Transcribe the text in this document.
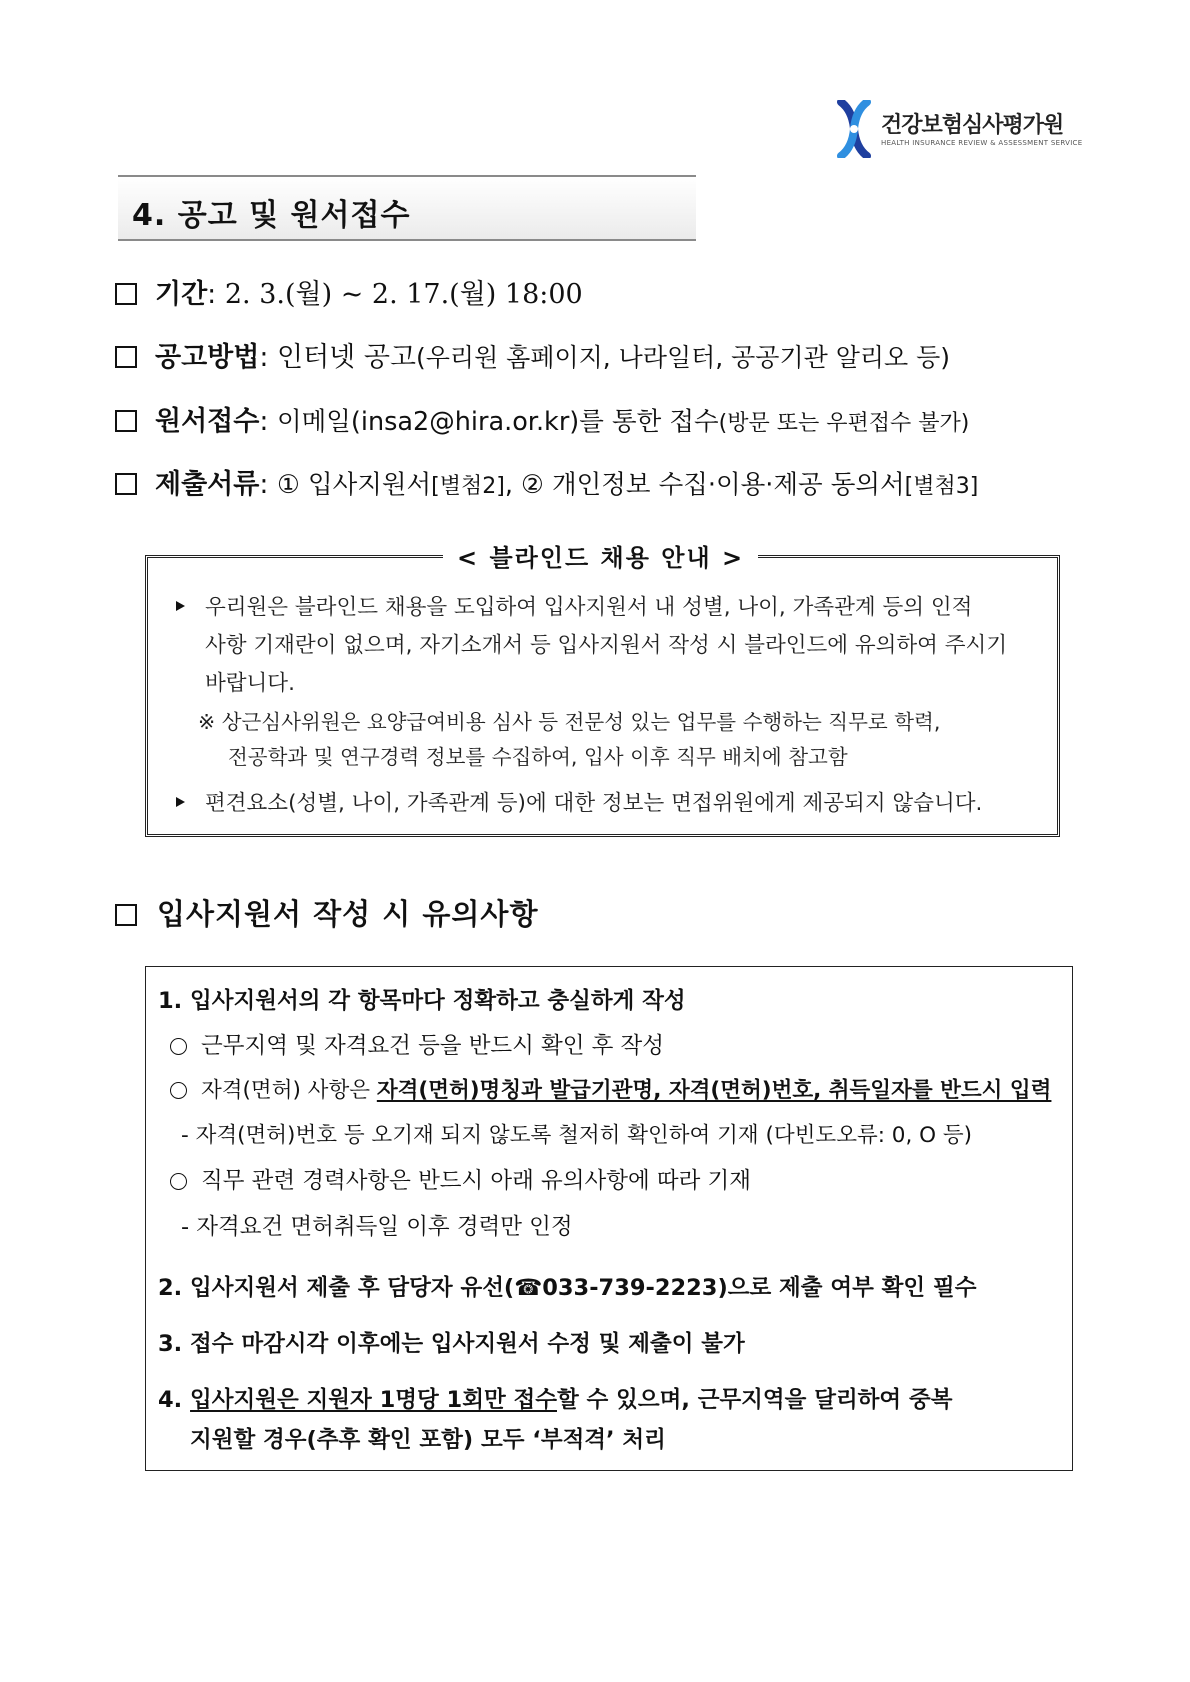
건강보험심사평가원
HEALTH INSURANCE REVIEW & ASSESSMENT SERVICE
4. 공고 및 원서접수
기간: 2. 3.(월) ~ 2. 17.(월) 18:00
공고방법: 인터넷 공고(우리원 홈페이지, 나라일터, 공공기관 알리오 등)
원서접수: 이메일(insa2@hira.or.kr)를 통한 접수(방문 또는 우편접수 불가)
제출서류: ① 입사지원서[별첨2], ② 개인정보 수집·이용·제공 동의서[별첨3]
< 블라인드 채용 안내 >
우리원은 블라인드 채용을 도입하여 입사지원서 내 성별, 나이, 가족관계 등의 인적
사항 기재란이 없으며, 자기소개서 등 입사지원서 작성 시 블라인드에 유의하여 주시기
바랍니다.
※ 상근심사위원은 요양급여비용 심사 등 전문성 있는 업무를 수행하는 직무로 학력,
전공학과 및 연구경력 정보를 수집하여, 입사 이후 직무 배치에 참고함
편견요소(성별, 나이, 가족관계 등)에 대한 정보는 면접위원에게 제공되지 않습니다.
입사지원서 작성 시 유의사항
1. 입사지원서의 각 항목마다 정확하고 충실하게 작성
근무지역 및 자격요건 등을 반드시 확인 후 작성
자격(면허) 사항은 자격(면허)명칭과 발급기관명, 자격(면허)번호, 취득일자를 반드시 입력
- 자격(면허)번호 등 오기재 되지 않도록 철저히 확인하여 기재 (다빈도오류: 0, O 등)
직무 관련 경력사항은 반드시 아래 유의사항에 따라 기재
- 자격요건 면허취득일 이후 경력만 인정
2. 입사지원서 제출 후 담당자 유선(☎033-739-2223)으로 제출 여부 확인 필수
3. 접수 마감시각 이후에는 입사지원서 수정 및 제출이 불가
4. 입사지원은 지원자 1명당 1회만 접수할 수 있으며, 근무지역을 달리하여 중복
지원할 경우(추후 확인 포함) 모두 ‘부적격’ 처리
